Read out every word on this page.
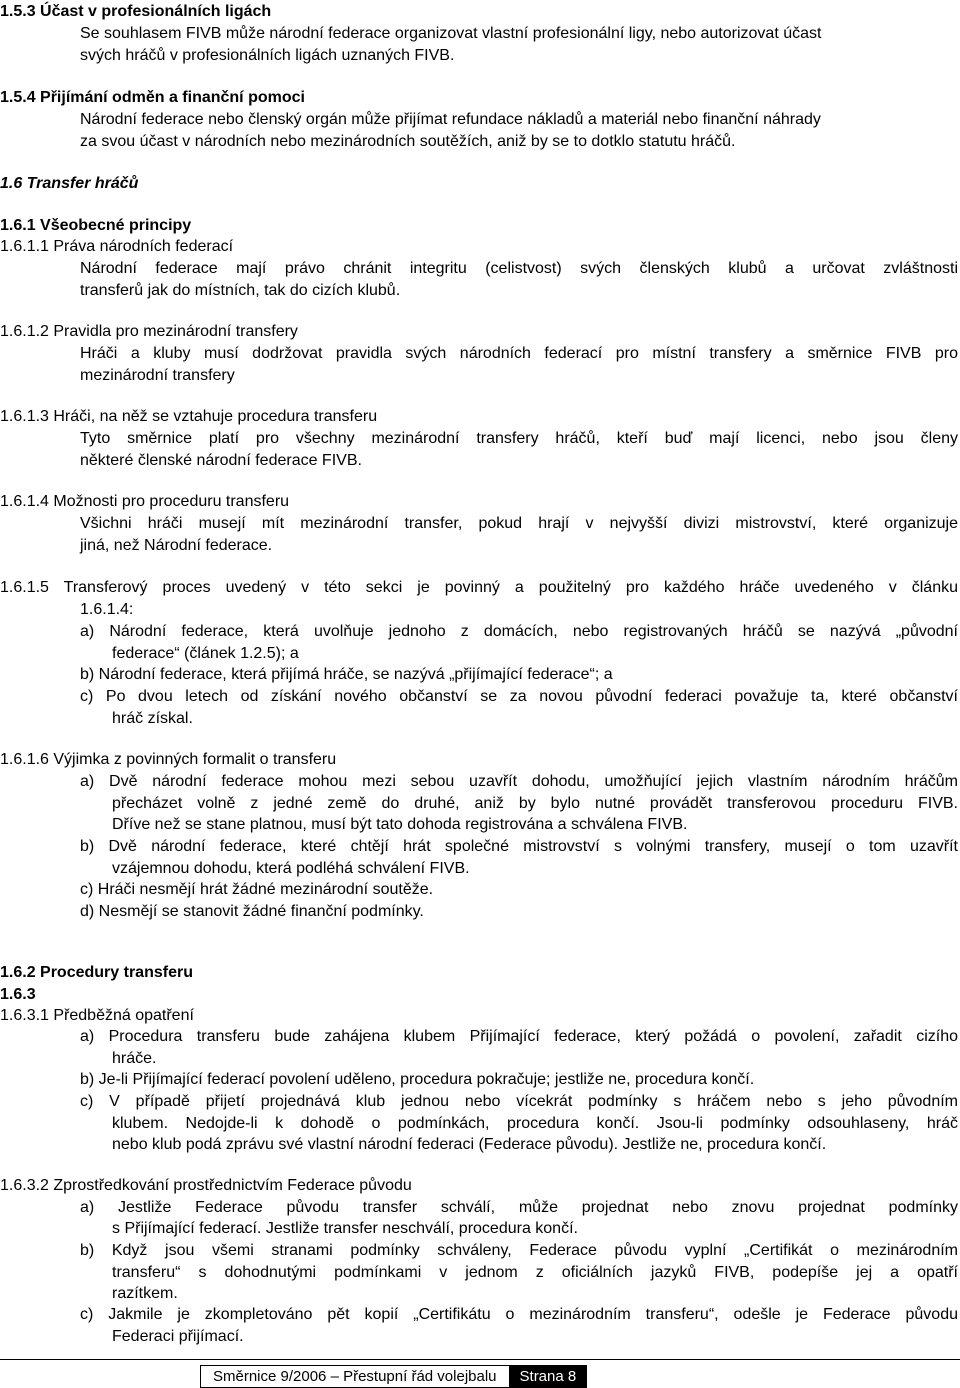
Směrnice 9/2006 – Přestupní řád volejbalu	Strana 8
1.5.3 Účast v profesionálních ligách
Se souhlasem FIVB může národní federace organizovat vlastní profesionální ligy, nebo autorizovat účast
svých hráčů v profesionálních ligách uznaných FIVB.
1.5.4 Přijímání odměn a finanční pomoci
Národní federace nebo členský orgán může přijímat refundace nákladů a materiál nebo finanční náhrady
za svou účast v národních nebo mezinárodních soutěžích, aniž by se to dotklo statutu hráčů.
1.6 Transfer hráčů
1.6.1 Všeobecné principy
1.6.1.1 Práva národních federací
Národní federace mají právo chránit integritu (celistvost) svých členských klubů a určovat zvláštnosti
transferů jak do místních, tak do cizích klubů.
1.6.1.2 Pravidla pro mezinárodní transfery
Hráči a kluby musí dodržovat pravidla svých národních federací pro místní transfery a směrnice FIVB pro
mezinárodní transfery
1.6.1.3 Hráči, na něž se vztahuje procedura transferu
Tyto směrnice platí pro všechny mezinárodní transfery hráčů, kteří buď mají licenci, nebo jsou členy
některé členské národní federace FIVB.
1.6.1.4 Možnosti pro proceduru transferu
Všichni hráči musejí mít mezinárodní transfer, pokud hrají v nejvyšší divizi mistrovství, které organizuje
jiná, než Národní federace.
1.6.1.5 Transferový proces uvedený v této sekci je povinný a použitelný pro každého hráče uvedeného v článku
1.6.1.4:
a) Národní federace, která uvolňuje jednoho z domácích, nebo registrovaných hráčů se nazývá „původní
federace“ (článek 1.2.5); a
b) Národní federace, která přijímá hráče, se nazývá „přijímající federace“; a
c) Po dvou letech od získání nového občanství se za novou původní federaci považuje ta, které občanství
hráč získal.
1.6.1.6 Výjimka z povinných formalit o transferu
a) Dvě národní federace mohou mezi sebou uzavřít dohodu, umožňující jejich vlastním národním hráčům
přecházet volně z jedné země do druhé, aniž by bylo nutné provádět transferovou proceduru FIVB.
Dříve než se stane platnou, musí být tato dohoda registrována a schválena FIVB.
b) Dvě národní federace, které chtějí hrát společné mistrovství s volnými transfery, musejí o tom uzavřít
vzájemnou dohodu, která podléhá schválení FIVB.
c) Hráči nesmějí hrát žádné mezinárodní soutěže.
d) Nesmějí se stanovit žádné finanční podmínky.
1.6.2 Procedury transferu
1.6.3
1.6.3.1 Předběžná opatření
a) Procedura transferu bude zahájena klubem Přijímající federace, který požádá o povolení, zařadit cizího
hráče.
b) Je-li Přijímající federací povolení uděleno, procedura pokračuje; jestliže ne, procedura končí.
c) V případě přijetí projednává klub jednou nebo vícekrát podmínky s hráčem nebo s jeho původním
klubem. Nedojde-li k dohodě o podmínkách, procedura končí. Jsou-li podmínky odsouhlaseny, hráč
nebo klub podá zprávu své vlastní národní federaci (Federace původu). Jestliže ne, procedura končí.
1.6.3.2 Zprostředkování prostřednictvím Federace původu
a) Jestliže Federace původu transfer schválí, může projednat nebo znovu projednat podmínky
s Přijímající federací. Jestliže transfer neschválí, procedura končí.
b) Když jsou všemi stranami podmínky schváleny, Federace původu vyplní „Certifikát o mezinárodním
transferu“ s dohodnutými podmínkami v jednom z oficiálních jazyků FIVB, podepíše jej a opatří
razítkem.
c) Jakmile je zkompletováno pět kopií „Certifikátu o mezinárodním transferu“, odešle je Federace původu
Federaci přijímací.
